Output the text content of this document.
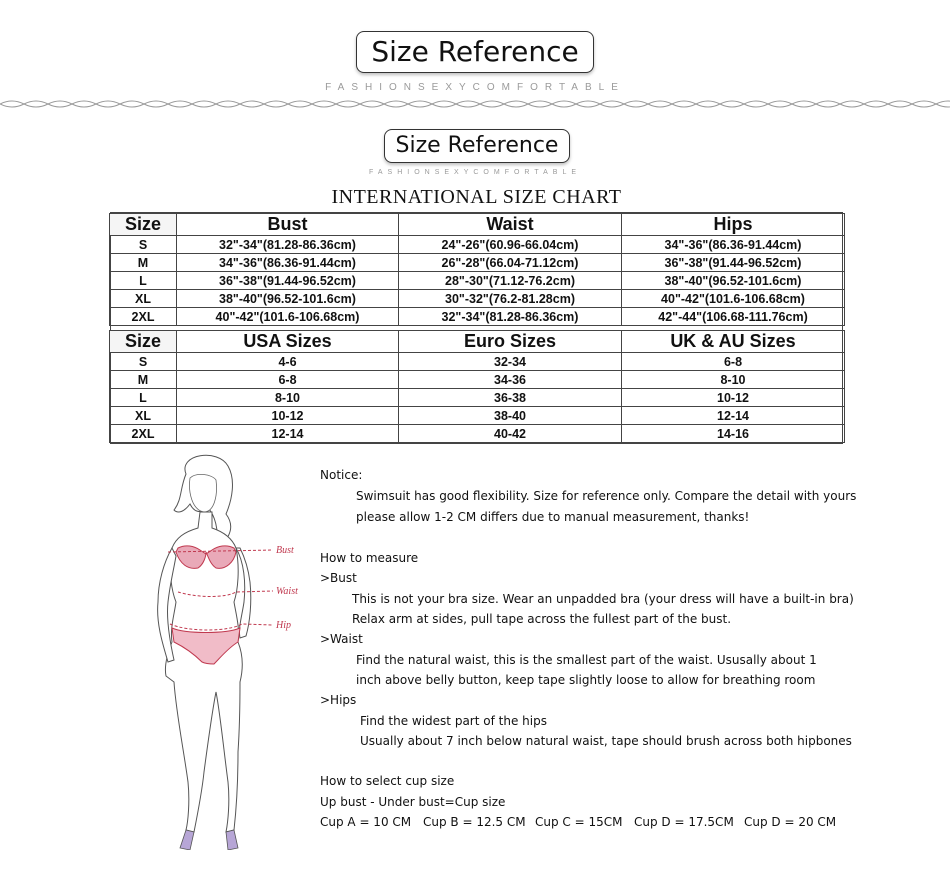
Size Reference
FASHIONSEXYCOMFORTABLE
Size Reference
FASHIONSEXYCOMFORTABLE
INTERNATIONAL SIZE CHART
Size	Bust	Waist	Hips
S	32"-34"(81.28-86.36cm)	24"-26"(60.96-66.04cm)	34"-36"(86.36-91.44cm)
M	34"-36"(86.36-91.44cm)	26"-28"(66.04-71.12cm)	36"-38"(91.44-96.52cm)
L	36"-38"(91.44-96.52cm)	28"-30"(71.12-76.2cm)	38"-40"(96.52-101.6cm)
XL	38"-40"(96.52-101.6cm)	30"-32"(76.2-81.28cm)	40"-42"(101.6-106.68cm)
2XL	40"-42"(101.6-106.68cm)	32"-34"(81.28-86.36cm)	42"-44"(106.68-111.76cm)
Size	USA Sizes	Euro Sizes	UK & AU Sizes
S	4-6	32-34	6-8
M	6-8	34-36	8-10
L	8-10	36-38	10-12
XL	10-12	38-40	12-14
2XL	12-14	40-42	14-16
Bust
Waist
Hip
Notice:
Swimsuit has good flexibility. Size for reference only. Compare the detail with yours
please allow 1-2 CM differs due to manual measurement, thanks!
How to measure
>Bust
This is not your bra size. Wear an unpadded bra (your dress will have a built-in bra)
Relax arm at sides, pull tape across the fullest part of the bust.
>Waist
Find the natural waist, this is the smallest part of the waist. Ususally about 1
inch above belly button, keep tape slightly loose to allow for breathing room
>Hips
Find the widest part of the hips
Usually about 7 inch below natural waist, tape should brush across both hipbones
How to select cup size
Up bust - Under bust=Cup size
Cup A = 10 CM Cup B = 12.5 CM Cup C = 15CM Cup D = 17.5CM Cup D = 20 CM
